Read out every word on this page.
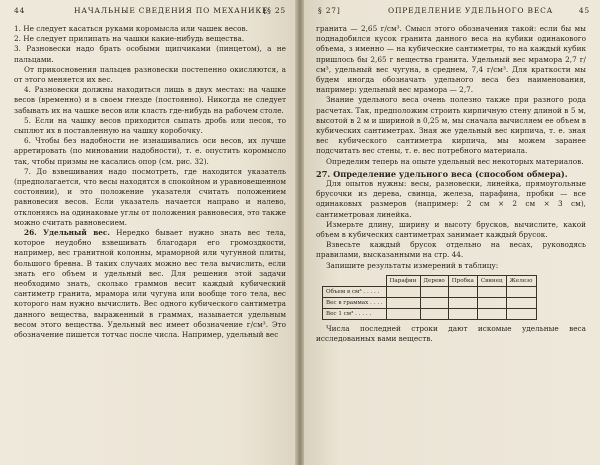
44	НАЧАЛЬНЫЕ СВЕДЕНИЯ ПО МЕХАНИКЕ
[§ 25

1. Не следует касаться руками коромысла или чашек весов.

2. Не следует прилипать на чашки какие-нибудь вещества.

3. Разновески надо брать особыми щипчиками (пинцетом), а не пальцами.

От прикосновения пальцев разновески постепенно окисляются, а от этого меняется их вес.

4. Разновески должны находиться лишь в двух местах: на чашке весов (временно) и в своем гнезде (постоянно). Никогда не следует забывать их на чашке весов или класть где-нибудь на рабочем столе.

5. Если на чашку весов приходится сыпать дробь или песок, то сыплют их в поставленную на чашку коробочку.

6. Чтобы без надобности не изнашивались оси весов, их лучше арретировать (по миновании надобности), т. е. опустить коромысло так, чтобы призмы не касались опор (см. рис. 32).

7. До взвешивания надо посмотреть, где находится указатель (предполагается, что весы находятся в спокойном и уравновешенном состоянии), и это положение указателя считать положением равновесия весов. Если указатель начается направо и налево, отклоняясь на одинаковые углы от положения равновесия, это также можно считать равновесием.

26. Удельный вес. Нередко бывает нужно знать вес тела, которое неудобно взвешивать благодаря его громоздкости, например, вес гранитной колонны, мраморной или чугунной плиты, большого бревна. В таких случаях можно вес тела вычислить, если знать его объем и удельный вес. Для решения этой задачи необходимо знать, сколько граммов весит каждый кубический сантиметр гранита, мрамора или чугуна или вообще того тела, вес которого нам нужно вычислить. Вес одного кубического сантиметра данного вещества, выраженный в граммах, называется удельным весом этого вещества. Удельный вес имеет обозначение г/см³. Это обозначение пишется тотчас после числа. Например, удельный вес

§ 27]	ОПРЕДЕЛЕНИЕ УДЕЛЬНОГО ВЕСА	45

гранита — 2,65 г/см³. Смысл этого обозначения такой: если бы мы поднадобился кусок гранита данного веса на кубики одинакового объема, з именно — на кубические сантиметры, то на каждый кубик пришлось бы 2,65 г вещества гранита. Удельный вес мрамора 2,7 г/см³, удельный вес чугуна, в среднем, 7,4 г/см³. Для краткости мы будем иногда обозначать удельного веса без наименования, например: удельный вес мрамора — 2,7.

Знание удельного веса очень полезно также при разного рода расчетах. Так, предположим строить кирпичную стену длиной в 5 м, высотой в 2 м и шириной в 0,25 м, мы сначала вычисляем ее объем в кубических сантиметрах. Зная же удельный вес кирпича, т. е. зная вес кубического сантиметра кирпича, мы можем заранее подсчитать вес стены, т. е. вес потребного материала.

Определим теперь на опыте удельный вес некоторых материалов.

27. Определение удельного веса (способом обмера).

Для опытов нужны: весы, разновески, линейка, прямоугольные брусочки из дерева, свинца, железа, парафина, пробки — все одинаковых размеров (например: 2 см × 2 см × 3 см), сантиметровая линейка.

Измерьте длину, ширину и высоту брусков, вычислите, какой объем в кубических сантиметрах занимает каждый брусок.

Взвесьте каждый брусок отдельно на весах, руководясь правилами, высказанными на стр. 44.

Запишите результаты измерений в таблицу:

	Парафин	Дерево	Пробка	Свинец	Железо
Объем в см³ . . . . .					
Вес в граммах . . . .					
Вес 1 см³ . . . . .					

Числа последней строки дают искомые удельные веса исследованных вами веществ.
